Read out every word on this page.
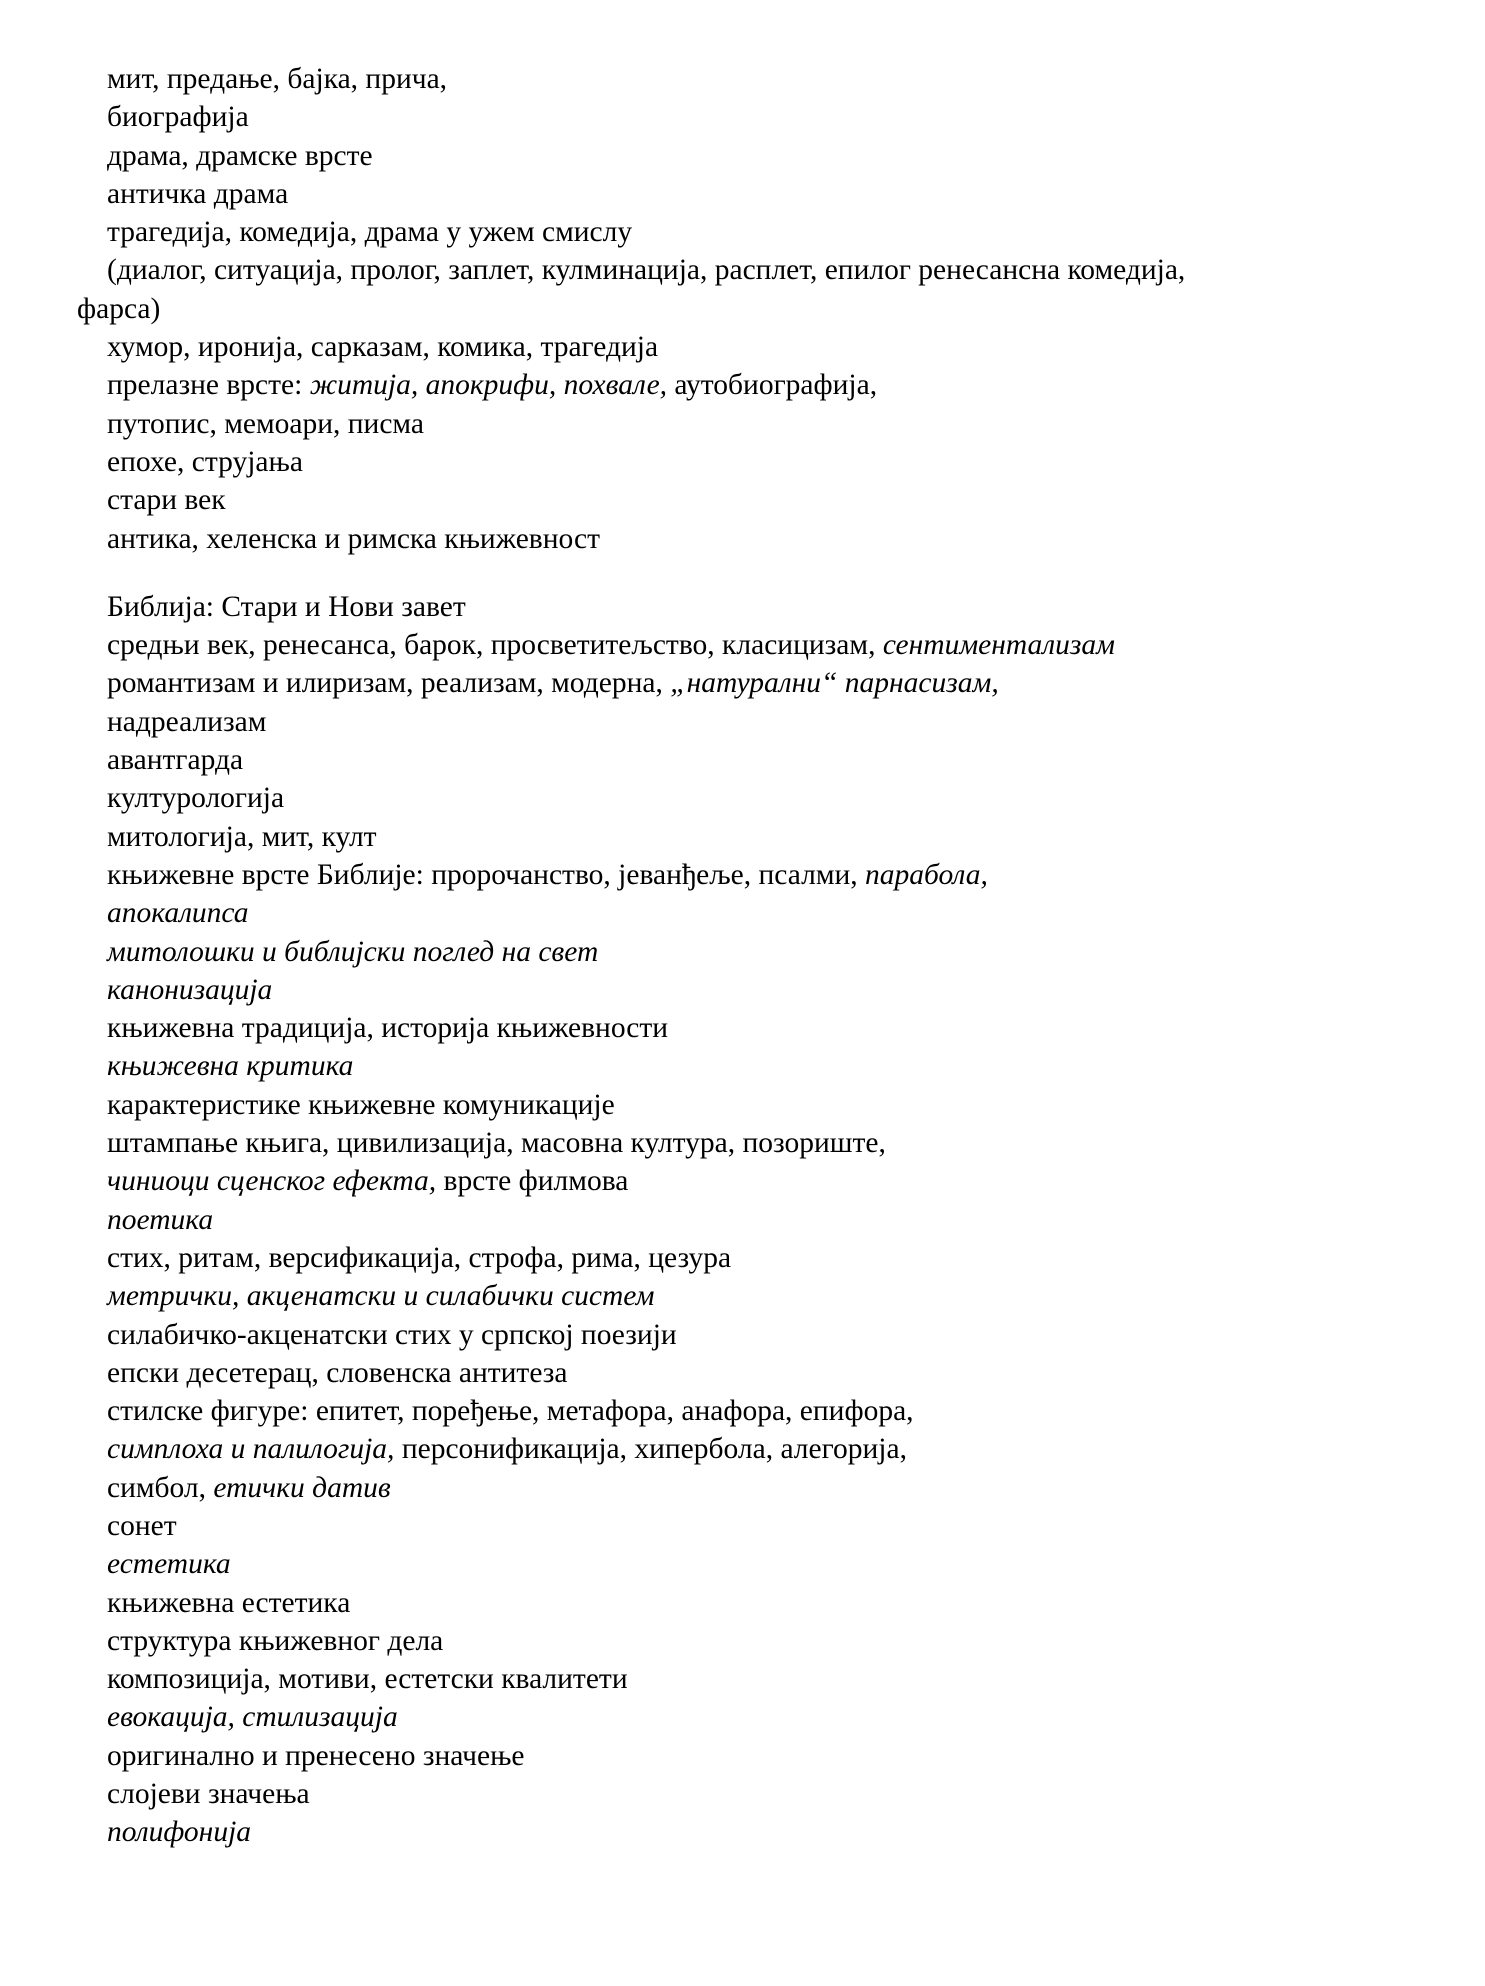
мит, предање, бајка, прича,
биографија
драма, драмске врсте
античка драма
трагедија, комедија, драма у ужем смислу
(диалог, ситуација, пролог, заплет, кулминација, расплет, епилог ренесансна комедија,
фарса)
хумор, иронија, сарказам, комика, трагедија
прелазне врсте: житија, апокрифи, похвале, аутобиографија,
путопис, мемоари, писма
епохе, струјања
стари век
антика, хеленска и римска књижевност
Библија: Стари и Нови завет
средњи век, ренесанса, барок, просветитељство, класицизам, сентиментализам
романтизам и илиризам, реализам, модерна, „натурални“ парнасизам,
надреализам
авантгарда
културологија
митологија, мит, култ
књижевне врсте Библије: пророчанство, јеванђеље, псалми, парабола,
апокалипса
митолошки и библијски поглед на свет
канонизација
књижевна традиција, историја књижевности
књижевна критика
карактеристике књижевне комуникације
штампање књига, цивилизација, масовна култура, позориште,
чиниоци сценског ефекта, врсте филмова
поетика
стих, ритам, версификација, строфа, рима, цезура
метрички, акценатски и силабички систем
силабичко-акценатски стих у српској поезији
епски десетерац, словенска антитеза
стилске фигуре: епитет, поређење, метафора, анафора, епифора,
симплоха и палилогија, персонификација, хипербола, алегорија,
симбол, етички датив
сонет
естетика
књижевна естетика
структура књижевног дела
композиција, мотиви, естетски квалитети
евокација, стилизација
оригинално и пренесено значење
слојеви значења
полифонија
